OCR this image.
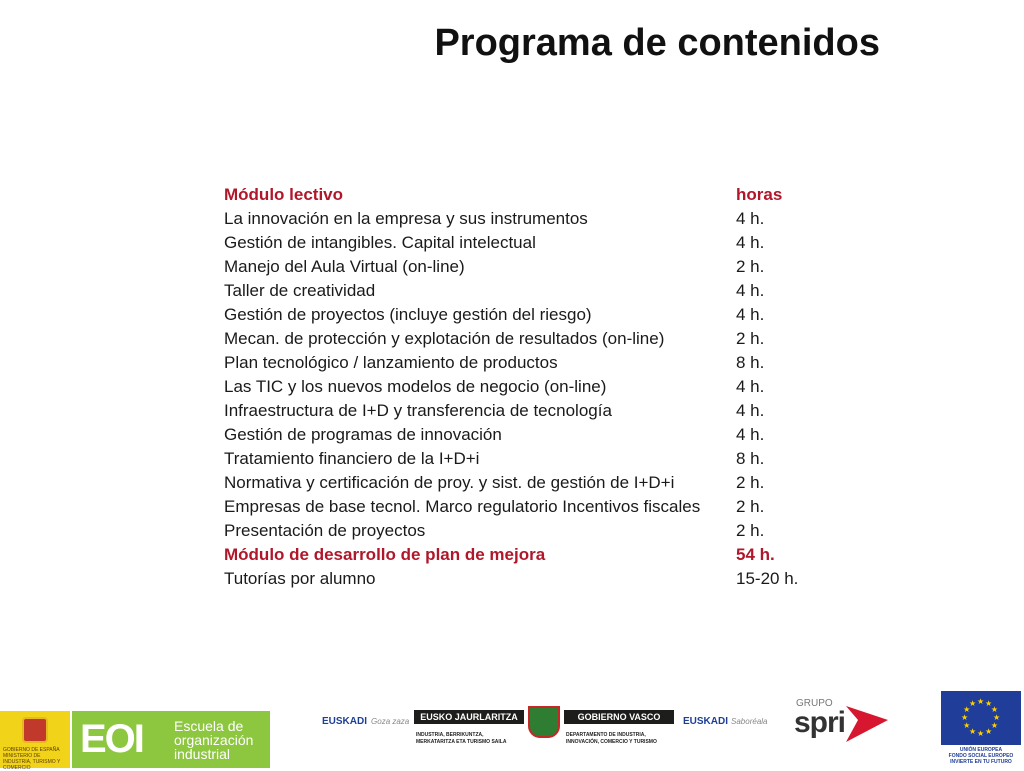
Programa de contenidos
Módulo lectivo	horas
La innovación en la empresa y sus instrumentos	4 h.
Gestión de intangibles. Capital intelectual	4 h.
Manejo del Aula Virtual (on-line)	2 h.
Taller de creatividad	4 h.
Gestión de proyectos (incluye gestión del riesgo)	4 h.
Mecan. de protección y explotación de resultados (on-line)	2 h.
Plan tecnológico / lanzamiento de productos	8 h.
Las TIC y los nuevos modelos de negocio (on-line)	4 h.
Infraestructura de I+D y transferencia de tecnología	4 h.
Gestión de programas de innovación	4 h.
Tratamiento financiero de la I+D+i	8 h.
Normativa y certificación de proy. y sist. de gestión de I+D+i	2 h.
Empresas de base tecnol. Marco regulatorio Incentivos fiscales 2 h.
Presentación de proyectos	2 h.
Módulo de desarrollo de plan de mejora	54 h.
Tutorías por alumno	15-20 h.
GOBIERNO DE ESPAÑA MINISTERIO DE INDUSTRIA, TURISMO Y COMERCIO
EOI Escuela de
organización
industrial
EUSKADI Goza zaza	EUSKO JAURLARITZA	GOBIERNO VASCO
INDUSTRIA, BERRIKUNTZA,
MERKATARITZA ETA TURISMO SAILA
DEPARTAMENTO DE INDUSTRIA,
INNOVACIÓN, COMERCIO Y TURISMO
EUSKADI Saboréala
GRUPO
spri	★
★
★
★
★
★
★
★
★ ★ ★
★
UNIÓN EUROPEA
FONDO SOCIAL EUROPEO
INVIERTE EN TU FUTURO
